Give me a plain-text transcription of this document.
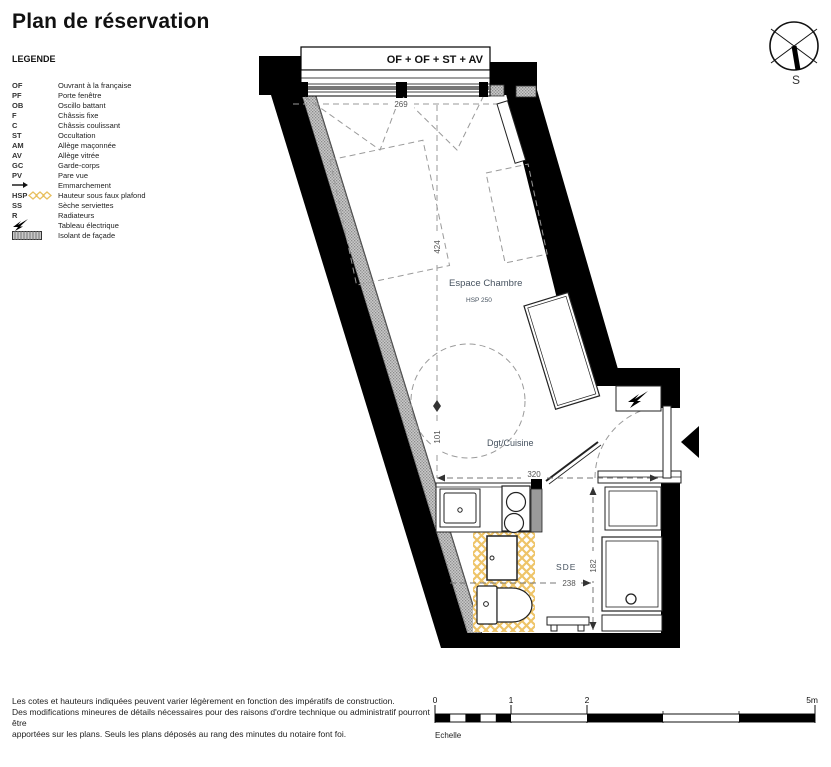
OF + OF + ST + AV
269
424
101
320
182
238
Espace Chambre
HSP 250
Dgt/Cuisine
SDE
S
0	1	2	5m
Echelle
Plan de réservation
LEGENDE
OF	Ouvrant à la française
PF	Porte fenêtre
OB	Oscillo battant
F	Châssis fixe
C	Châssis coulissant
ST	Occultation
AM	Allège maçonnée
AV	Allège vitrée
GC	Garde-corps
PV	Pare vue
Emmarchement
HSP	Hauteur sous faux plafond
SS	Sèche serviettes
R	Radiateurs
Tableau électrique
Isolant de façade
Les cotes et hauteurs indiquées peuvent varier légèrement en fonction des impératifs de construction.
Des modifications mineures de détails nécessaires pour des raisons d'ordre technique ou administratif pourront être
apportées sur les plans. Seuls les plans déposés au rang des minutes du notaire font foi.
